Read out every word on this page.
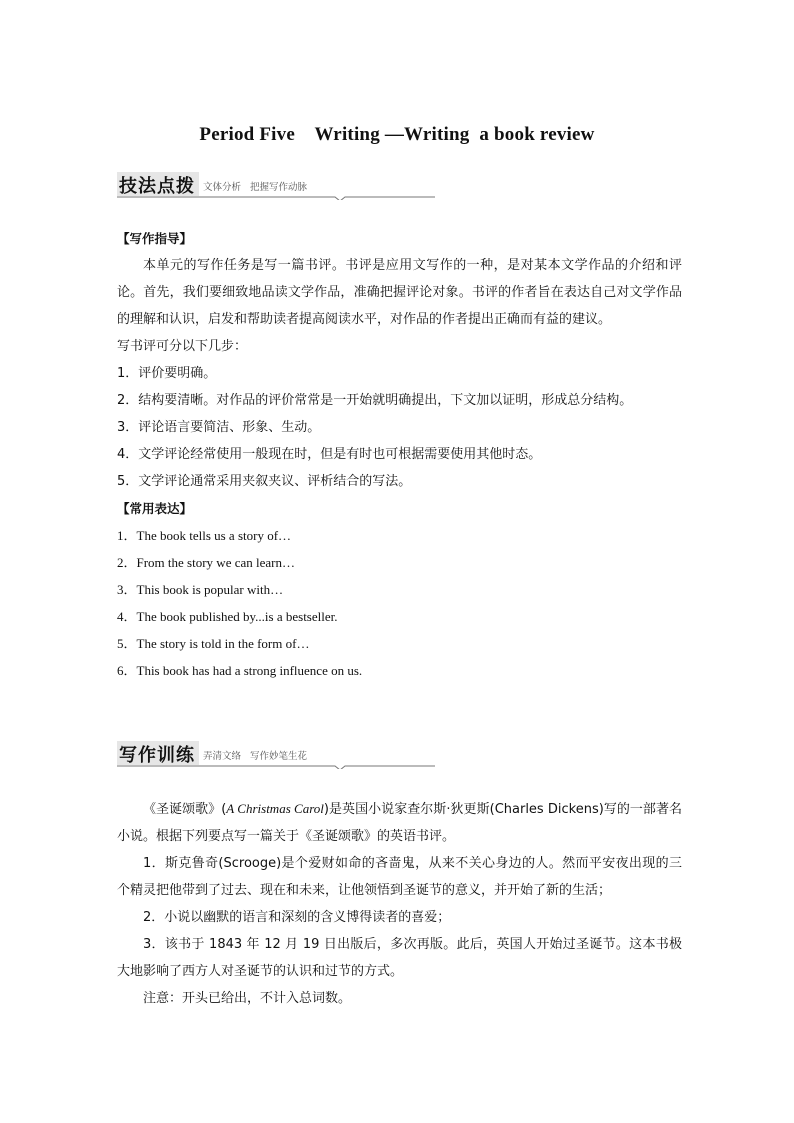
Period Five    Writing —Writing  a book review
技法点拨 文体分析   把握写作动脉
【写作指导】
本单元的写作任务是写一篇书评。书评是应用文写作的一种，是对某本文学作品的介绍和评论。首先，我们要细致地品读文学作品，准确把握评论对象。书评的作者旨在表达自己对文学作品的理解和认识，启发和帮助读者提高阅读水平，对作品的作者提出正确而有益的建议。
写书评可分以下几步：
1．评价要明确。
2．结构要清晰。对作品的评价常常是一开始就明确提出，下文加以证明，形成总分结构。
3．评论语言要简洁、形象、生动。
4．文学评论经常使用一般现在时，但是有时也可根据需要使用其他时态。
5．文学评论通常采用夹叙夹议、评析结合的写法。
【常用表达】
1．The book tells us a story of…
2．From the story we can learn…
3．This book is popular with…
4．The book published by...is a bestseller.
5．The story is told in the form of…
6．This book has had a strong influence on us.
写作训练 弄清文络   写作妙笔生花
《圣诞颂歌》(A Christmas Carol)是英国小说家查尔斯·狄更斯(Charles Dickens)写的一部著名小说。根据下列要点写一篇关于《圣诞颂歌》的英语书评。
1．斯克鲁奇(Scrooge)是个爱财如命的吝啬鬼，从来不关心身边的人。然而平安夜出现的三个精灵把他带到了过去、现在和未来，让他领悟到圣诞节的意义，并开始了新的生活；
2．小说以幽默的语言和深刻的含义博得读者的喜爱；
3．该书于 1843 年 12 月 19 日出版后，多次再版。此后，英国人开始过圣诞节。这本书极大地影响了西方人对圣诞节的认识和过节的方式。
注意：开头已给出，不计入总词数。
